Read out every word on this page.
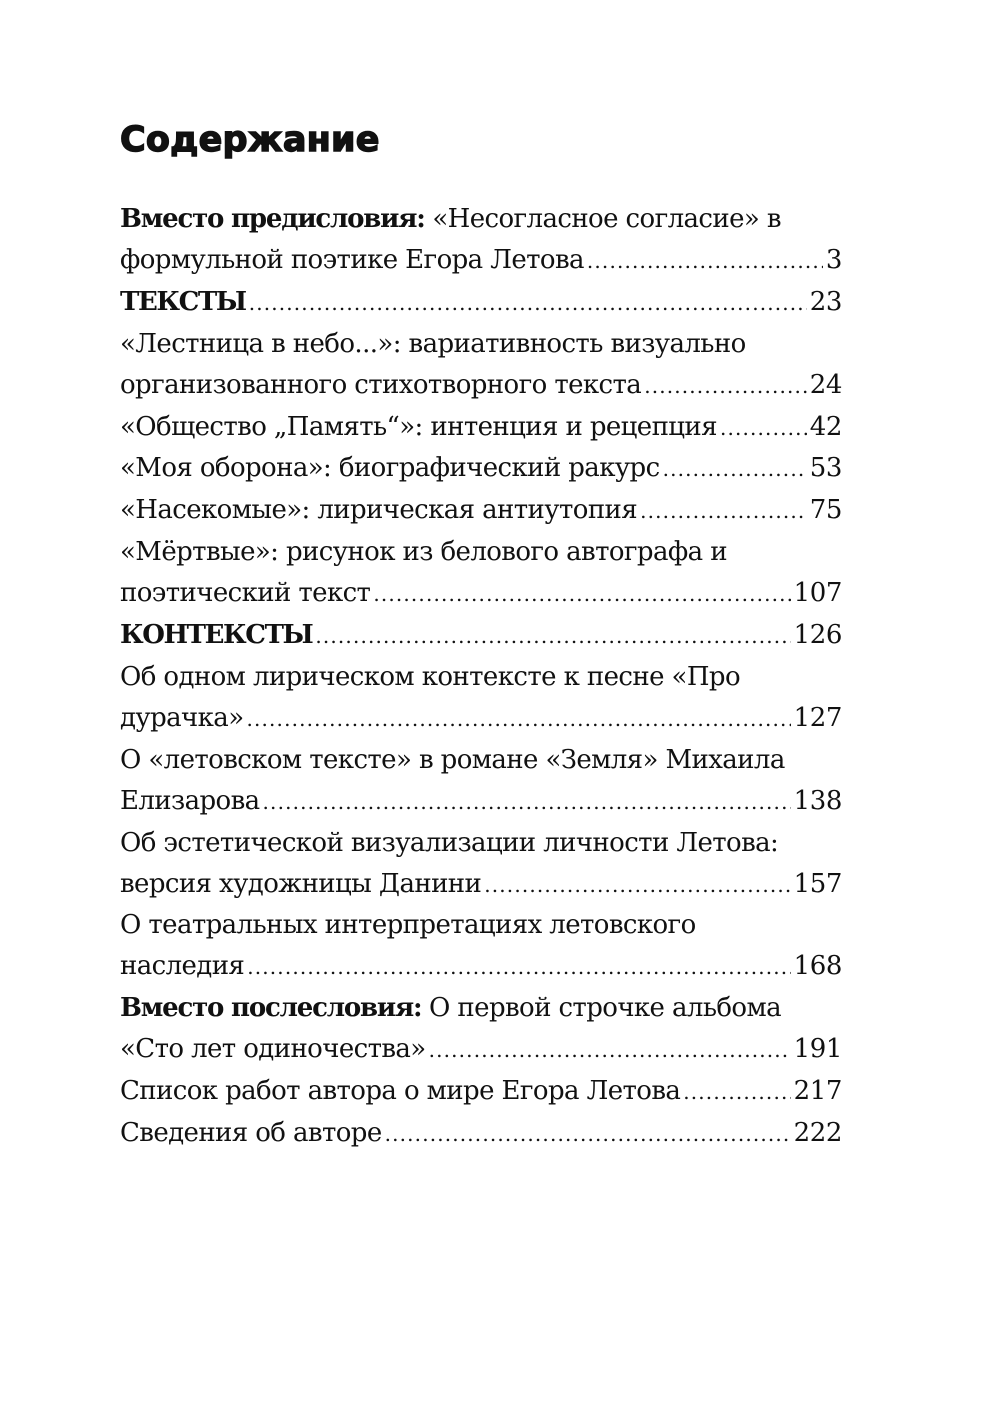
Содержание
Вместо предисловия: «Несогласное согласие» в
формульной поэтике Егора Летова . . .	3
ТЕКСТЫ . . .	23
«Лестница в небо...»: вариативность визуально
организованного стихотворного текста . . .	24
«Общество „Память“»: интенция и рецепция . . .	42
«Моя оборона»: биографический ракурс . . .	53
«Насекомые»: лирическая антиутопия . . .	75
«Мёртвые»: рисунок из белового автографа и
поэтический текст . . .	107
КОНТЕКСТЫ . . .	126
Об одном лирическом контексте к песне «Про
дурачка» . . .	127
О «летовском тексте» в романе «Земля» Михаила
Елизарова . . .	138
Об эстетической визуализации личности Летова:
версия художницы Данини . . .	157
О театральных интерпретациях летовского
наследия . . .	168
Вместо послесловия: О первой строчке альбома
«Сто лет одиночества» . . .	191
Список работ автора о мире Егора Летова . . .	217
Сведения об авторе . . .	222
